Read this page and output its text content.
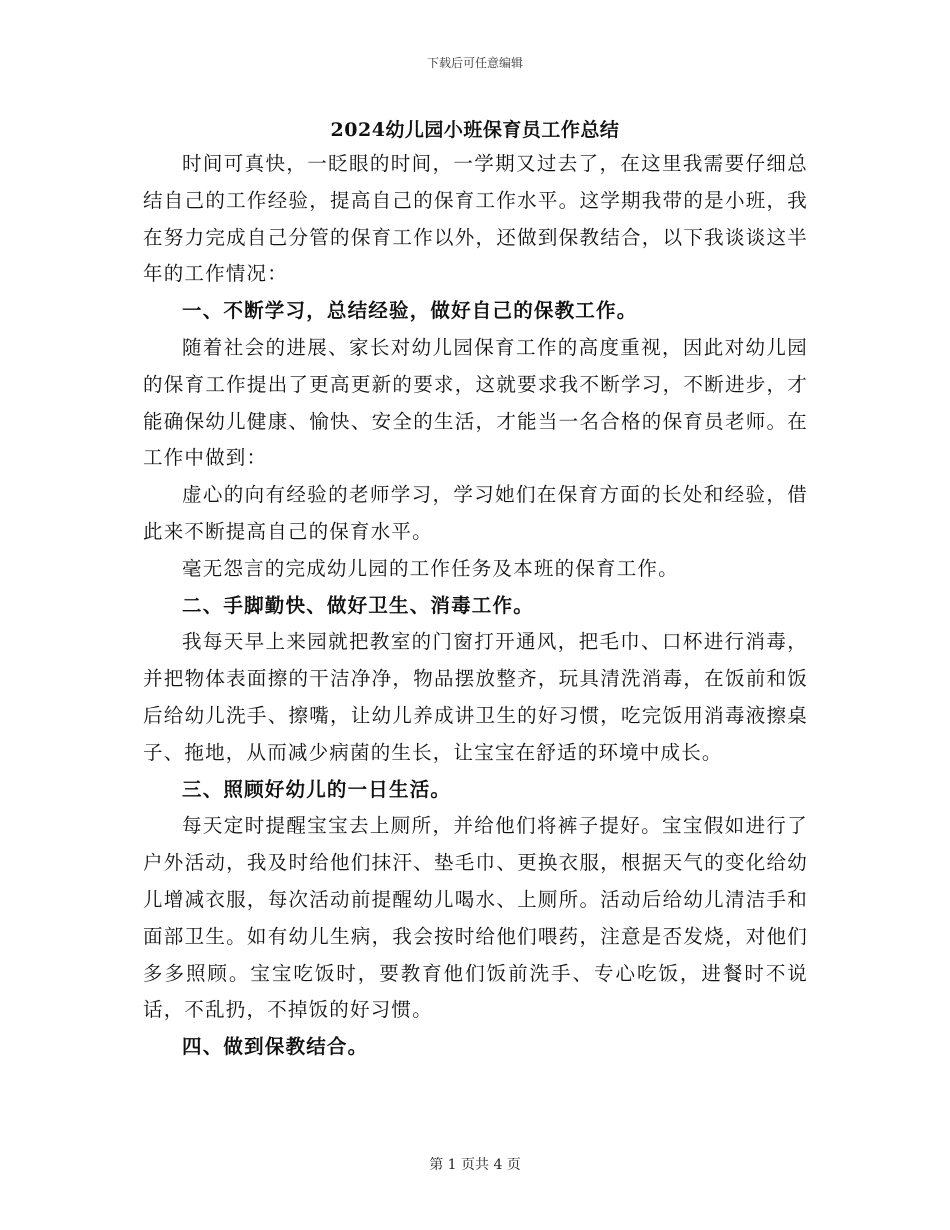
下载后可任意编辑
2024幼儿园小班保育员工作总结

时间可真快，一眨眼的时间，一学期又过去了，在这里我需要仔细总结自己的工作经验，提高自己的保育工作水平。这学期我带的是小班，我在努力完成自己分管的保育工作以外，还做到保教结合，以下我谈谈这半年的工作情况：

一、不断学习，总结经验，做好自己的保教工作。

随着社会的进展、家长对幼儿园保育工作的高度重视，因此对幼儿园的保育工作提出了更高更新的要求，这就要求我不断学习，不断进步，才能确保幼儿健康、愉快、安全的生活，才能当一名合格的保育员老师。在工作中做到：

虚心的向有经验的老师学习，学习她们在保育方面的长处和经验，借此来不断提高自己的保育水平。

毫无怨言的完成幼儿园的工作任务及本班的保育工作。

二、手脚勤快、做好卫生、消毒工作。

我每天早上来园就把教室的门窗打开通风，把毛巾、口杯进行消毒，并把物体表面擦的干洁净净，物品摆放整齐，玩具清洗消毒，在饭前和饭后给幼儿洗手、擦嘴，让幼儿养成讲卫生的好习惯，吃完饭用消毒液擦桌子、拖地，从而减少病菌的生长，让宝宝在舒适的环境中成长。

三、照顾好幼儿的一日生活。

每天定时提醒宝宝去上厕所，并给他们将裤子提好。宝宝假如进行了户外活动，我及时给他们抹汗、垫毛巾、更换衣服，根据天气的变化给幼儿增减衣服，每次活动前提醒幼儿喝水、上厕所。活动后给幼儿清洁手和面部卫生。如有幼儿生病，我会按时给他们喂药，注意是否发烧，对他们多多照顾。宝宝吃饭时，要教育他们饭前洗手、专心吃饭，进餐时不说话，不乱扔，不掉饭的好习惯。

四、做到保教结合。

第 1 页共 4 页
